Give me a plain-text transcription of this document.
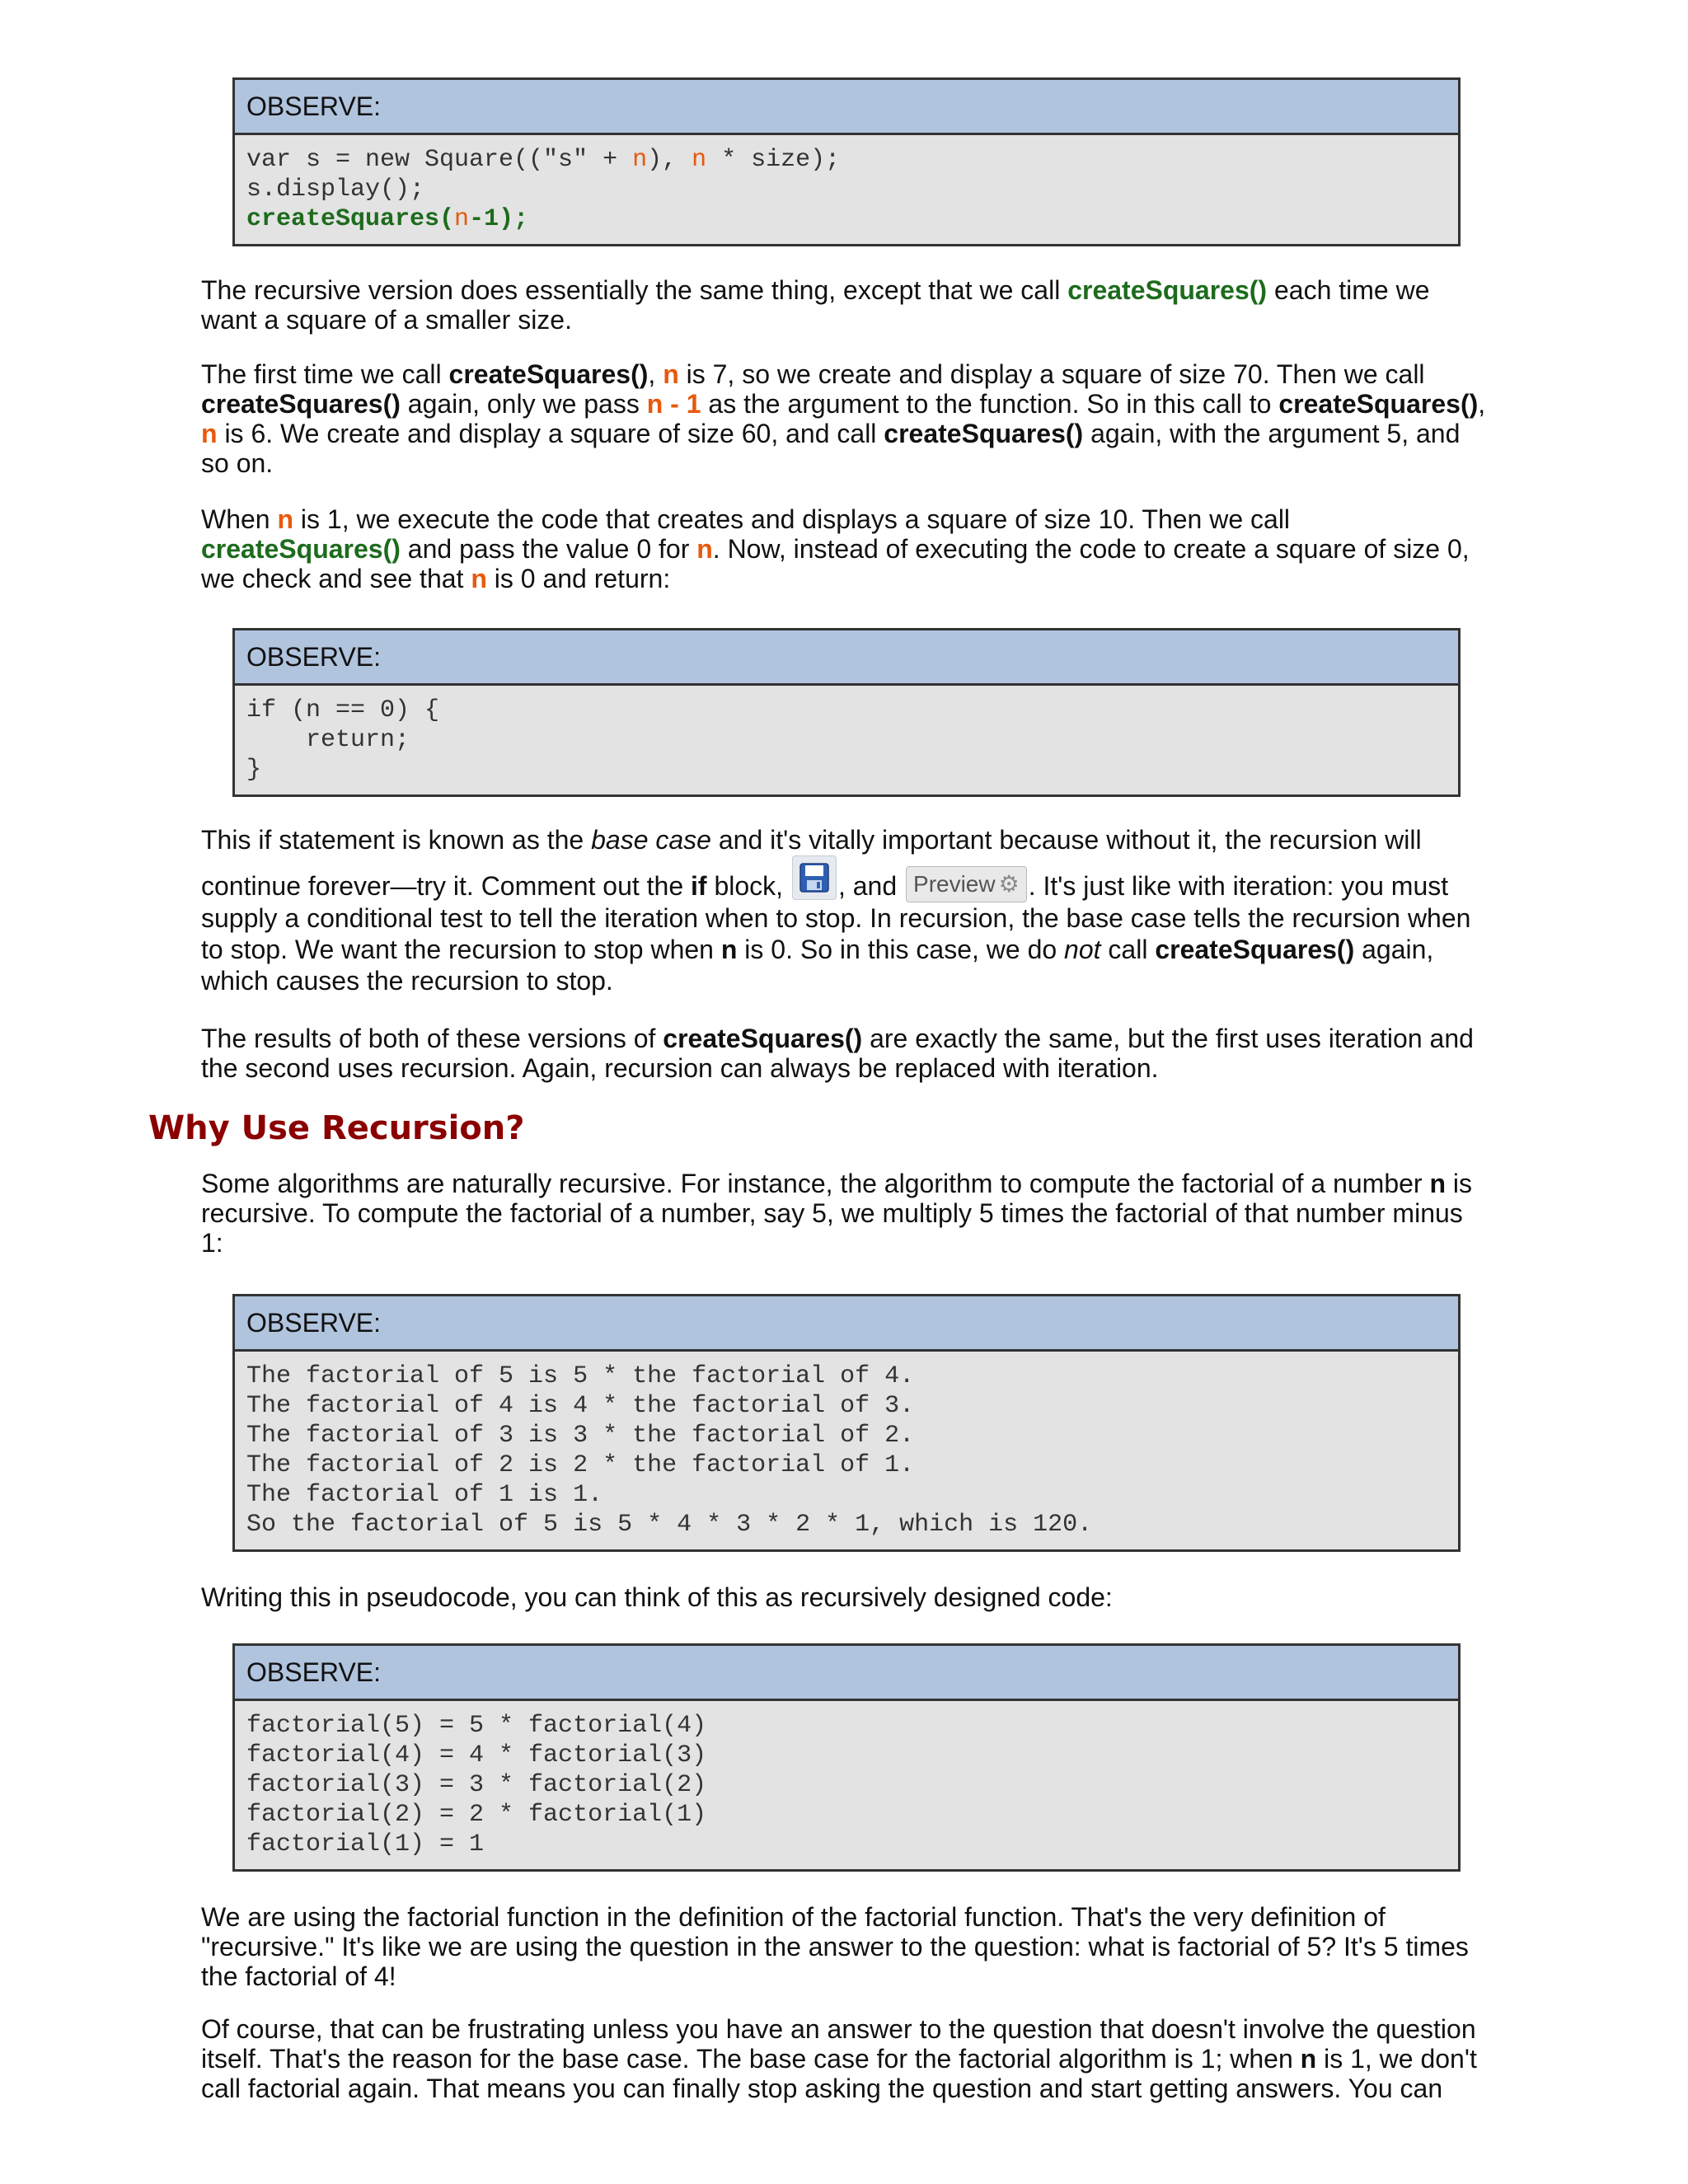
OBSERVE:
var s = new Square(("s" + n), n * size);
s.display();
createSquares(n-1);
The recursive version does essentially the same thing, except that we call createSquares() each time we want a square of a smaller size.
The first time we call createSquares(), n is 7, so we create and display a square of size 70. Then we call createSquares() again, only we pass n - 1 as the argument to the function. So in this call to createSquares(), n is 6. We create and display a square of size 60, and call createSquares() again, with the argument 5, and so on.
When n is 1, we execute the code that creates and displays a square of size 10. Then we call createSquares() and pass the value 0 for n. Now, instead of executing the code to create a square of size 0, we check and see that n is 0 and return:
OBSERVE:
if (n == 0) {
return;
}
This if statement is known as the base case and it's vitally important because without it, the recursion will continue forever—try it. Comment out the if block,
, and Preview ⚙ . It's just like with iteration: you must supply a conditional test to tell the iteration when to stop. In recursion, the base case tells the recursion when to stop. We want the recursion to stop when n is 0. So in this case, we do not call createSquares() again, which causes the recursion to stop.
The results of both of these versions of createSquares() are exactly the same, but the first uses iteration and the second uses recursion. Again, recursion can always be replaced with iteration.
Why Use Recursion?
Some algorithms are naturally recursive. For instance, the algorithm to compute the factorial of a number n is recursive. To compute the factorial of a number, say 5, we multiply 5 times the factorial of that number minus 1:
OBSERVE:
The factorial of 5 is 5 * the factorial of 4.
The factorial of 4 is 4 * the factorial of 3.
The factorial of 3 is 3 * the factorial of 2.
The factorial of 2 is 2 * the factorial of 1.
The factorial of 1 is 1.
So the factorial of 5 is 5 * 4 * 3 * 2 * 1, which is 120.
Writing this in pseudocode, you can think of this as recursively designed code:
OBSERVE:
factorial(5) = 5 * factorial(4)
factorial(4) = 4 * factorial(3)
factorial(3) = 3 * factorial(2)
factorial(2) = 2 * factorial(1)
factorial(1) = 1
We are using the factorial function in the definition of the factorial function. That's the very definition of "recursive." It's like we are using the question in the answer to the question: what is factorial of 5? It's 5 times the factorial of 4!
Of course, that can be frustrating unless you have an answer to the question that doesn't involve the question itself. That's the reason for the base case. The base case for the factorial algorithm is 1; when n is 1, we don't call factorial again. That means you can finally stop asking the question and start getting answers. You can
